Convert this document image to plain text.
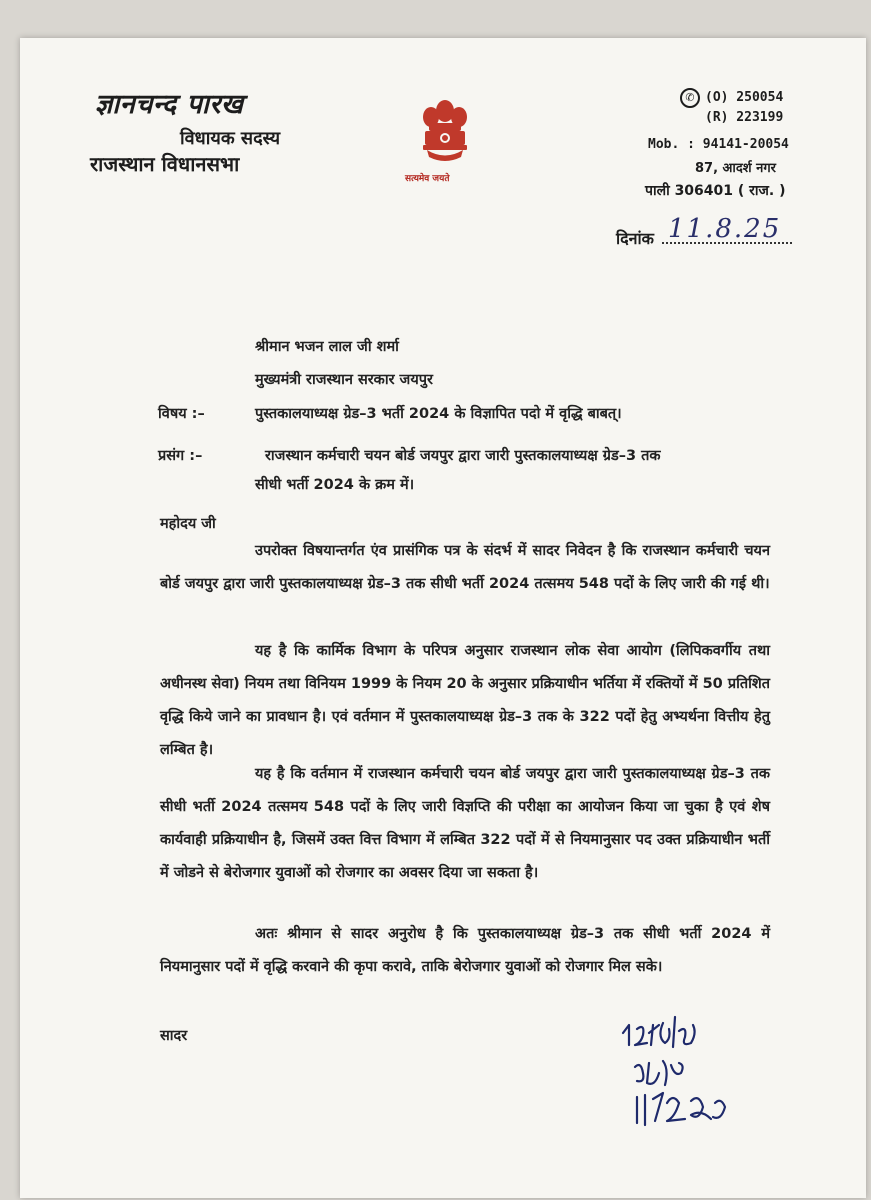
ज्ञानचन्द पारख
विधायक सदस्य
राजस्थान विधानसभा
सत्यमेव जयते
✆ (O) 250054
(R) 223199
Mob. : 94141-20054
87, आदर्श नगर
पाली 306401 ( राज. )
दिनांक 11.8.25
श्रीमान भजन लाल जी शर्मा
मुख्यमंत्री राजस्थान सरकार जयपुर
विषय :–	पुस्तकालयाध्यक्ष ग्रेड–3 भर्ती 2024 के विज्ञापित पदो में वृद्धि बाबत्।
प्रसंग :–	राजस्थान कर्मचारी चयन बोर्ड जयपुर द्वारा जारी पुस्तकालयाध्यक्ष ग्रेड–3 तक
सीधी भर्ती 2024 के क्रम में।
महोदय जी
उपरोक्त विषयान्तर्गत एंव प्रासंगिक पत्र के संदर्भ में सादर निवेदन है कि राजस्थान कर्मचारी चयन बोर्ड जयपुर द्वारा जारी पुस्तकालयाध्यक्ष ग्रेड–3 तक सीधी भर्ती 2024 तत्समय 548 पदों के लिए जारी की गई थी।
यह है कि कार्मिक विभाग के परिपत्र अनुसार राजस्थान लोक सेवा आयोग (लिपिकवर्गीय तथा अधीनस्थ सेवा) नियम तथा विनियम 1999 के नियम 20 के अनुसार प्रक्रियाधीन भर्तिया में रक्तियों में 50 प्रतिशित वृद्धि किये जाने का प्रावधान है। एवं वर्तमान में पुस्तकालयाध्यक्ष ग्रेड–3 तक के 322 पदों हेतु अभ्यर्थना वित्तीय हेतु लम्बित है।
यह है कि वर्तमान में राजस्थान कर्मचारी चयन बोर्ड जयपुर द्वारा जारी पुस्तकालयाध्यक्ष ग्रेड–3 तक सीधी भर्ती 2024 तत्समय 548 पदों के लिए जारी विज्ञप्ति की परीक्षा का आयोजन किया जा चुका है एवं शेष कार्यवाही प्रक्रियाधीन है, जिसमें उक्त वित्त विभाग में लम्बित 322 पदों में से नियमानुसार पद उक्त प्रक्रियाधीन भर्ती में जोडने से बेरोजगार युवाओं को रोजगार का अवसर दिया जा सकता है।
अतः श्रीमान से सादर अनुरोध है कि पुस्तकालयाध्यक्ष ग्रेड–3 तक सीधी भर्ती 2024 में नियमानुसार पदों में वृद्धि करवाने की कृपा करावे, ताकि बेरोजगार युवाओं को रोजगार मिल सके।
सादर
